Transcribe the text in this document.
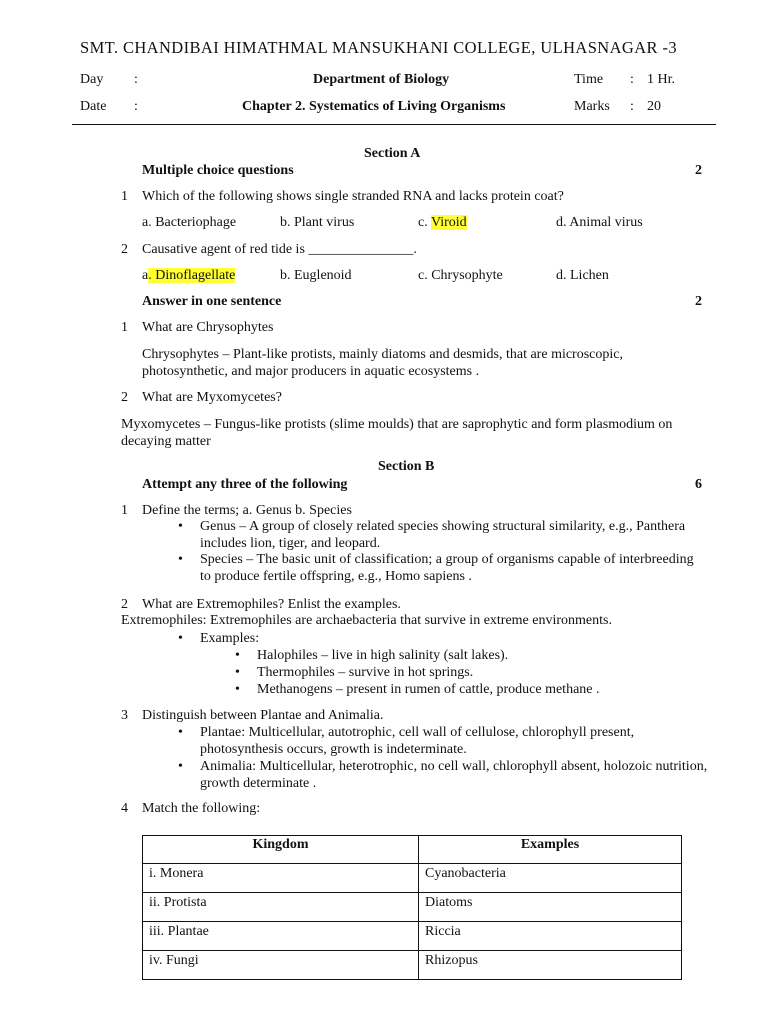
SMT. CHANDIBAI HIMATHMAL MANSUKHANI COLLEGE, ULHASNAGAR -3
Day :	Department of Biology	Time : 1 Hr.
Date :	Chapter 2. Systematics of Living Organisms	Marks : 20
Section A
Multiple choice questions	2
1 Which of the following shows single stranded RNA and lacks protein coat?
a. Bacteriophage	b. Plant virus	c. Viroid	d. Animal virus
2 Causative agent of red tide is _______________.
a. Dinoflagellate	b. Euglenoid	c. Chrysophyte	d. Lichen
Answer in one sentence	2
1 What are Chrysophytes
Chrysophytes – Plant-like protists, mainly diatoms and desmids, that are microscopic, photosynthetic, and major producers in aquatic ecosystems .
2 What are Myxomycetes?
Myxomycetes – Fungus-like protists (slime moulds) that are saprophytic and form plasmodium on decaying matter
Section B
Attempt any three of the following	6
1 Define the terms; a. Genus b. Species
• Genus – A group of closely related species showing structural similarity, e.g., Panthera includes lion, tiger, and leopard.
• Species – The basic unit of classification; a group of organisms capable of interbreeding to produce fertile offspring, e.g., Homo sapiens .
2 What are Extremophiles? Enlist the examples.
Extremophiles: Extremophiles are archaebacteria that survive in extreme environments.
• Examples:
• Halophiles – live in high salinity (salt lakes).
• Thermophiles – survive in hot springs.
• Methanogens – present in rumen of cattle, produce methane .
3 Distinguish between Plantae and Animalia.
• Plantae: Multicellular, autotrophic, cell wall of cellulose, chlorophyll present, photosynthesis occurs, growth is indeterminate.
• Animalia: Multicellular, heterotrophic, no cell wall, chlorophyll absent, holozoic nutrition, growth determinate .
4 Match the following:
Kingdom	Examples
i. Monera	Cyanobacteria
ii. Protista	Diatoms
iii. Plantae	Riccia
iv. Fungi	Rhizopus
